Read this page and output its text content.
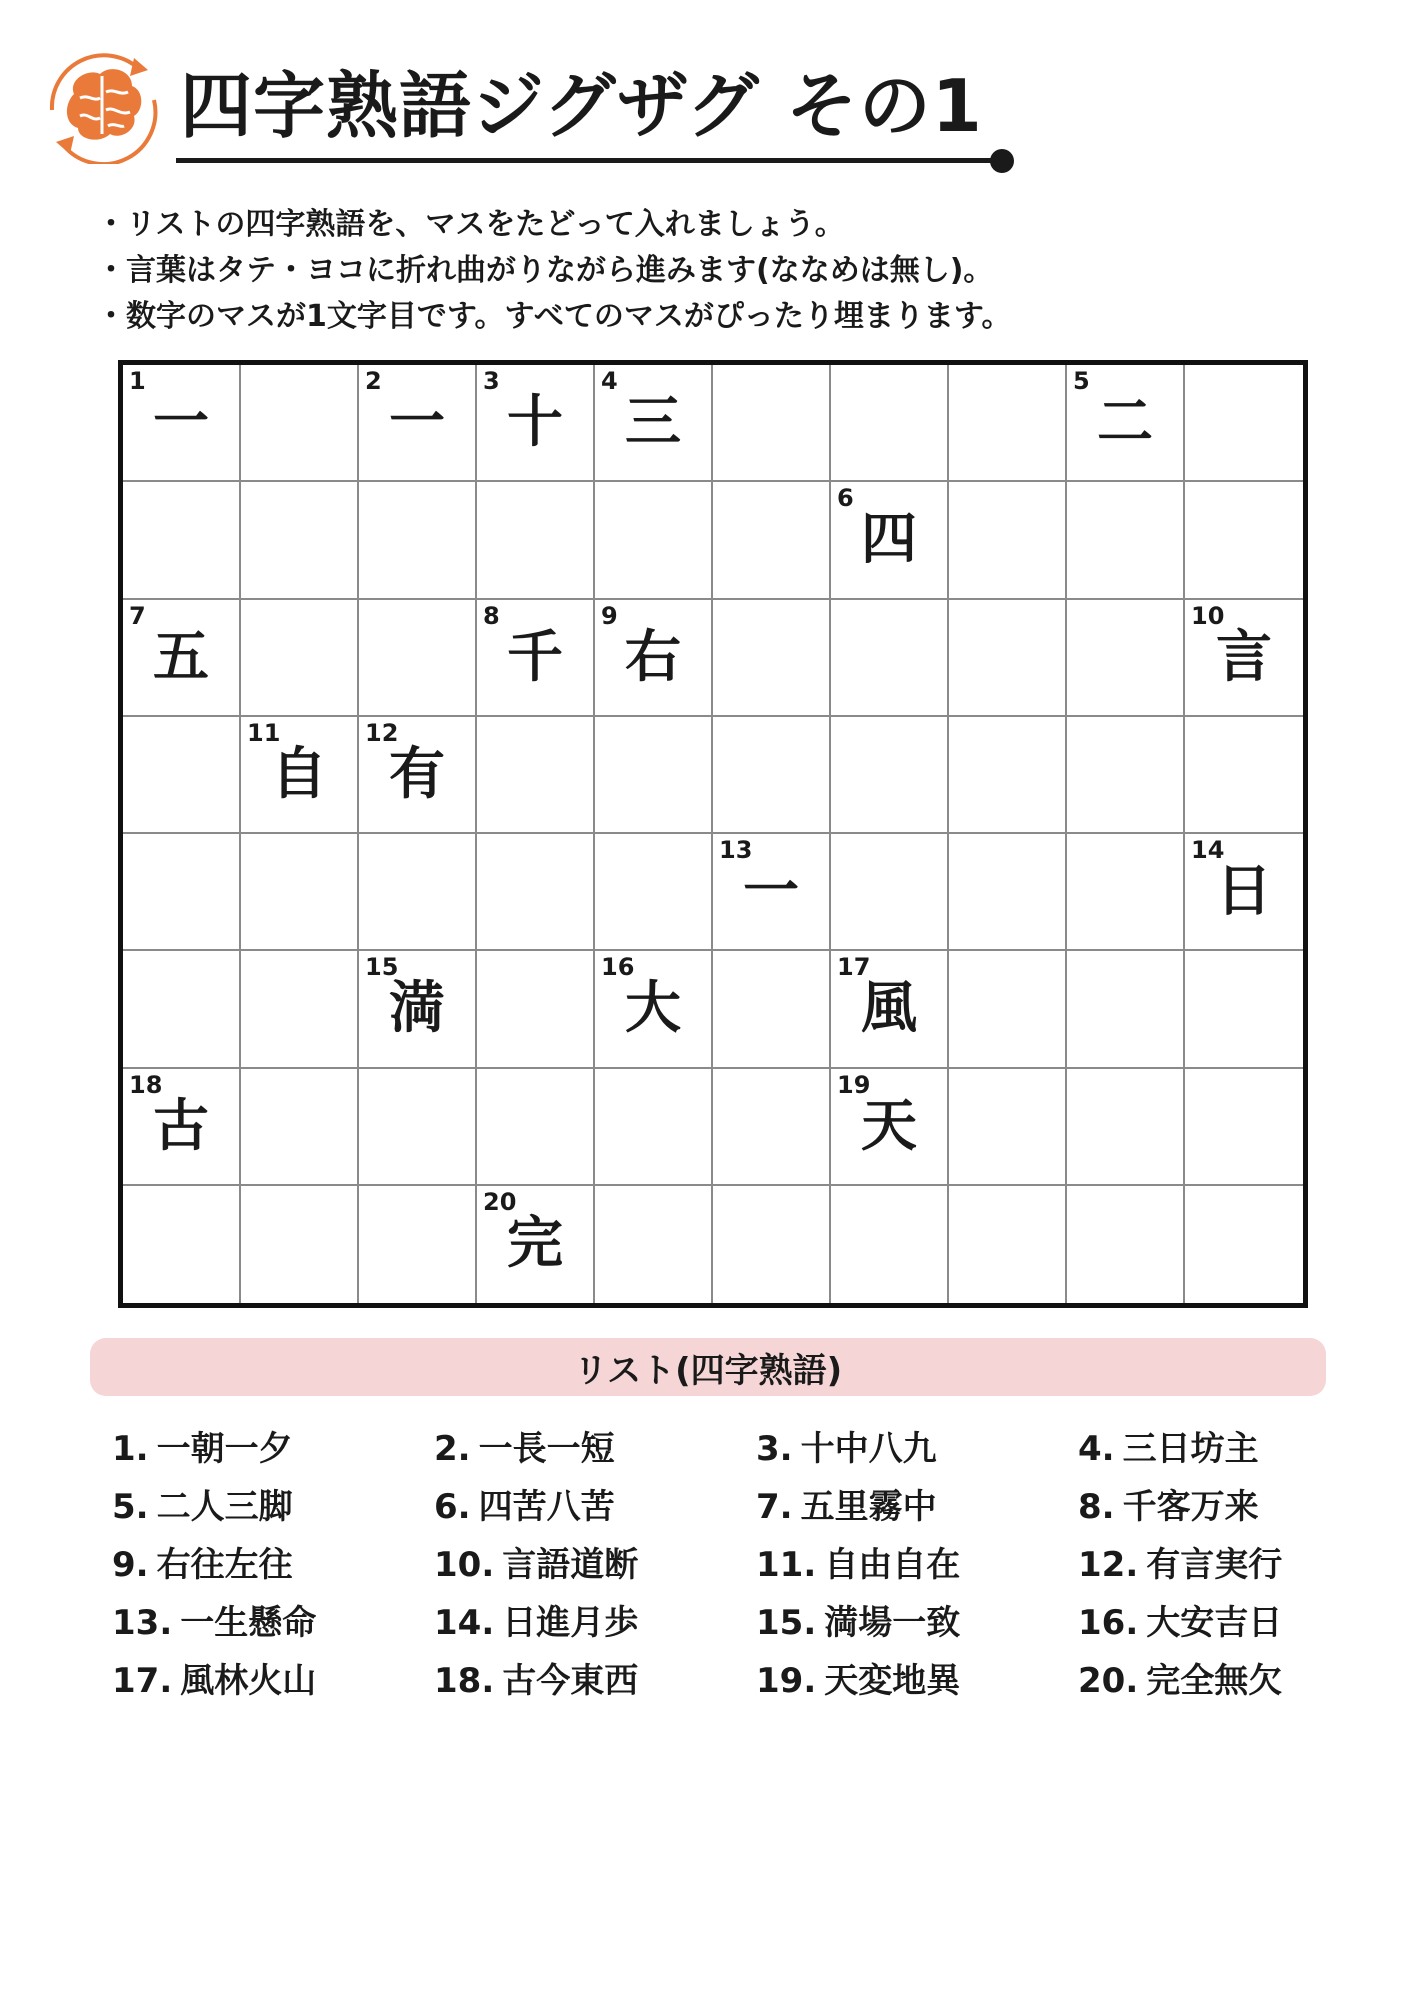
四字熟語ジグザグ その1
・ リストの四字熟語を、マスをたどって入れましょう。
・ 言葉はタテ・ヨコに折れ曲がりながら進みます(ななめは無し)。
・ 数字のマスが1文字目です。すべてのマスがぴったり埋まります。
1
一
2
一
3
十
4
三
5
二
6
四
7
五
8
千
9
右
10
言
11
自
12
有
13
一
14
日
15
満
16
大
17
風
18
古
19
天
20
完
リスト(四字熟語)
1. 一朝一夕	2. 一長一短	3. 十中八九	4. 三日坊主
5. 二人三脚	6. 四苦八苦	7. 五里霧中	8. 千客万来
9. 右往左往	10. 言語道断	11. 自由自在	12. 有言実行
13. 一生懸命	14. 日進月歩	15. 満場一致	16. 大安吉日
17. 風林火山	18. 古今東西	19. 天変地異	20. 完全無欠
